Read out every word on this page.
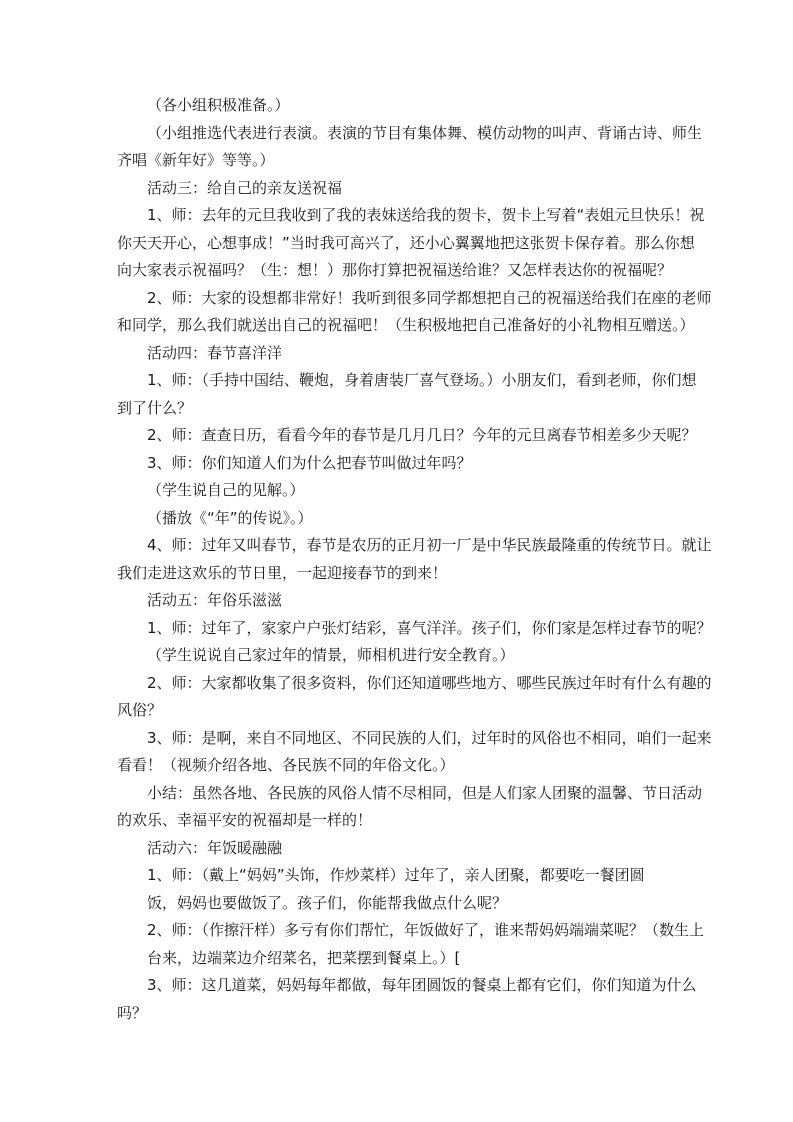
（各小组积极准备。）
（小组推选代表进行表演。表演的节目有集体舞、模仿动物的叫声、背诵古诗、师生
齐唱《新年好》等等。）
活动三：给自己的亲友送祝福
1、师：去年的元旦我收到了我的表妹送给我的贺卡，贺卡上写着“表姐元旦快乐！祝
你天天开心，心想事成！”当时我可高兴了，还小心翼翼地把这张贺卡保存着。那么你想
向大家表示祝福吗？（生：想！）那你打算把祝福送给谁？又怎样表达你的祝福呢？
2、师：大家的设想都非常好！我听到很多同学都想把自己的祝福送给我们在座的老师
和同学，那么我们就送出自己的祝福吧！（生积极地把自己准备好的小礼物相互赠送。）
活动四：春节喜洋洋
1、师：（手持中国结、鞭炮，身着唐装厂喜气登场。）小朋友们，看到老师，你们想
到了什么？
2、师：查查日历，看看今年的春节是几月几日？今年的元旦离春节相差多少天呢？
3、师：你们知道人们为什么把春节叫做过年吗？
（学生说自己的见解。）
（播放《“年”的传说》。）
4、师：过年又叫春节，春节是农历的正月初一厂是中华民族最隆重的传统节日。就让
我们走进这欢乐的节日里，一起迎接春节的到来！
活动五：年俗乐滋滋
1、师：过年了，家家户户张灯结彩，喜气洋洋。孩子们，你们家是怎样过春节的呢？
（学生说说自己家过年的情景，师相机进行安全教育。）
2、师：大家都收集了很多资料，你们还知道哪些地方、哪些民族过年时有什么有趣的
风俗？
3、师：是啊，来自不同地区、不同民族的人们，过年时的风俗也不相同，咱们一起来
看看！（视频介绍各地、各民族不同的年俗文化。）
小结：虽然各地、各民族的风俗人情不尽相同，但是人们家人团聚的温馨、节日活动
的欢乐、幸福平安的祝福却是一样的！
活动六：年饭暖融融
1、师：（戴上“妈妈”头饰，作炒菜样）过年了，亲人团聚，都要吃一餐团圆
饭，妈妈也要做饭了。孩子们，你能帮我做点什么呢？
2、师：（作擦汗样）多亏有你们帮忙，年饭做好了，谁来帮妈妈端端菜呢？（数生上
台来，边端菜边介绍菜名，把菜摆到餐桌上。）[
3、师：这几道菜，妈妈每年都做，每年团圆饭的餐桌上都有它们，你们知道为什么
吗？
